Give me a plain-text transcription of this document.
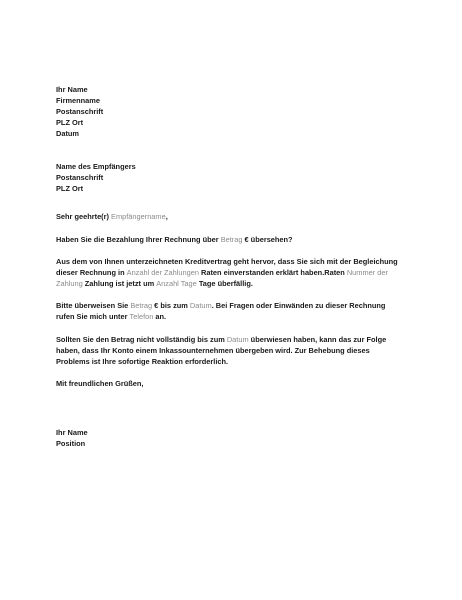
Ihr Name
Firmenname
Postanschrift
PLZ Ort
Datum
Name des Empfängers
Postanschrift
PLZ Ort
Sehr geehrte(r) Empfängername,
Haben Sie die Bezahlung Ihrer Rechnung über Betrag € übersehen?
Aus dem von Ihnen unterzeichneten Kreditvertrag geht hervor, dass Sie sich mit der Begleichung
dieser Rechnung in Anzahl der Zahlungen Raten einverstanden erklärt haben.Raten Nummer der
Zahlung Zahlung ist jetzt um Anzahl Tage Tage überfällig.
Bitte überweisen Sie Betrag € bis zum Datum. Bei Fragen oder Einwänden zu dieser Rechnung
rufen Sie mich unter Telefon an.
Sollten Sie den Betrag nicht vollständig bis zum Datum überwiesen haben, kann das zur Folge
haben, dass Ihr Konto einem Inkassounternehmen übergeben wird. Zur Behebung dieses
Problems ist Ihre sofortige Reaktion erforderlich.
Mit freundlichen Grüßen,
Ihr Name
Position
